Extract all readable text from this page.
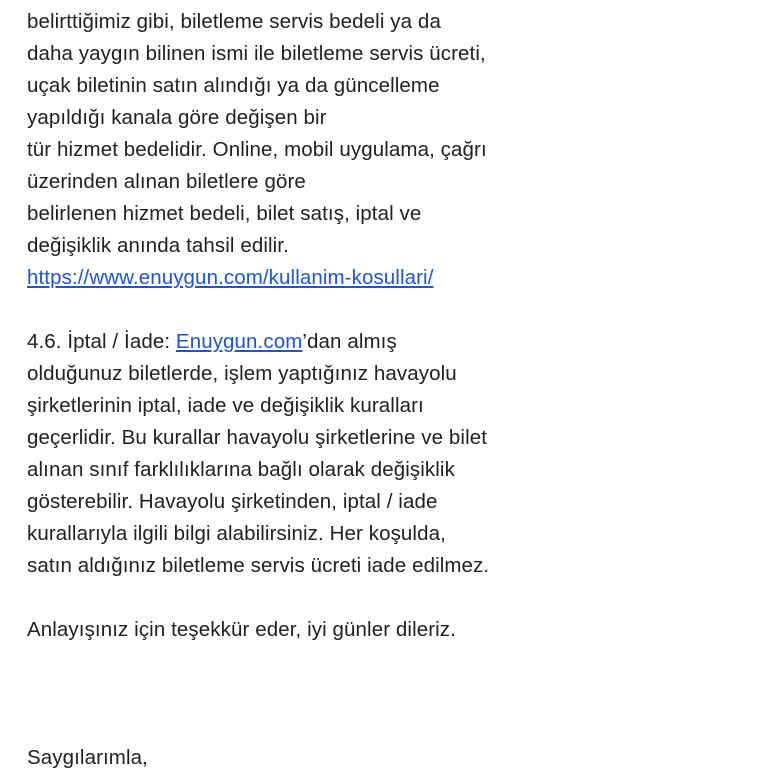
belirttiğimiz gibi, biletleme servis bedeli ya da
daha yaygın bilinen ismi ile biletleme servis ücreti,
uçak biletinin satın alındığı ya da güncelleme
yapıldığı kanala göre değişen bir
tür hizmet bedelidir. Online, mobil uygulama, çağrı
üzerinden alınan biletlere göre
belirlenen hizmet bedeli, bilet satış, iptal ve
değişiklik anında tahsil edilir.
https://www.enuygun.com/kullanim-kosullari/

4.6. İptal / İade: Enuygun.com’dan almış
olduğunuz biletlerde, işlem yaptığınız havayolu
şirketlerinin iptal, iade ve değişiklik kuralları
geçerlidir. Bu kurallar havayolu şirketlerine ve bilet
alınan sınıf farklılıklarına bağlı olarak değişiklik
gösterebilir. Havayolu şirketinden, iptal / iade
kurallarıyla ilgili bilgi alabilirsiniz. Her koşulda,
satın aldığınız biletleme servis ücreti iade edilmez.

Anlayışınız için teşekkür eder, iyi günler dileriz.

Saygılarımla,
